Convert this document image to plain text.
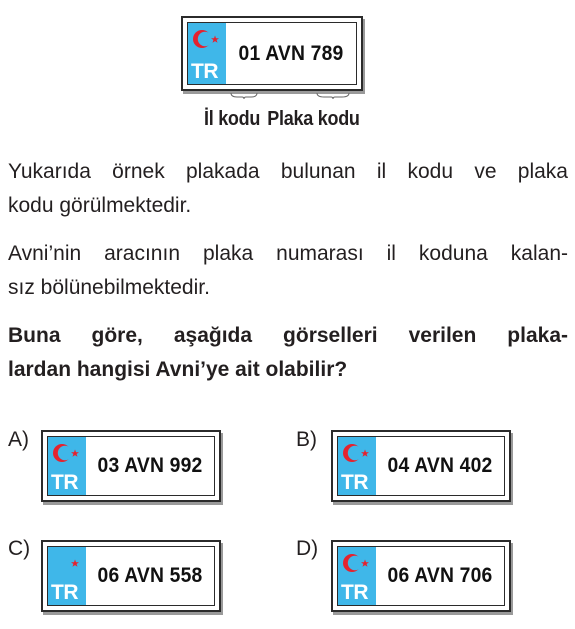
TR
01 AVN 789
İl kodu Plaka kodu
Yukarıda örnek plakada bulunan il kodu ve plaka
kodu görülmektedir.
Avni’nin aracının plaka numarası il koduna kalan-
sız bölünebilmektedir.
Buna göre, aşağıda görselleri verilen plaka-
lardan hangisi Avni’ye ait olabilir?
A)
TR
03 AVN 992
B)
TR
04 AVN 402
C)
TR
06 AVN 558
D)
TR
06 AVN 706
